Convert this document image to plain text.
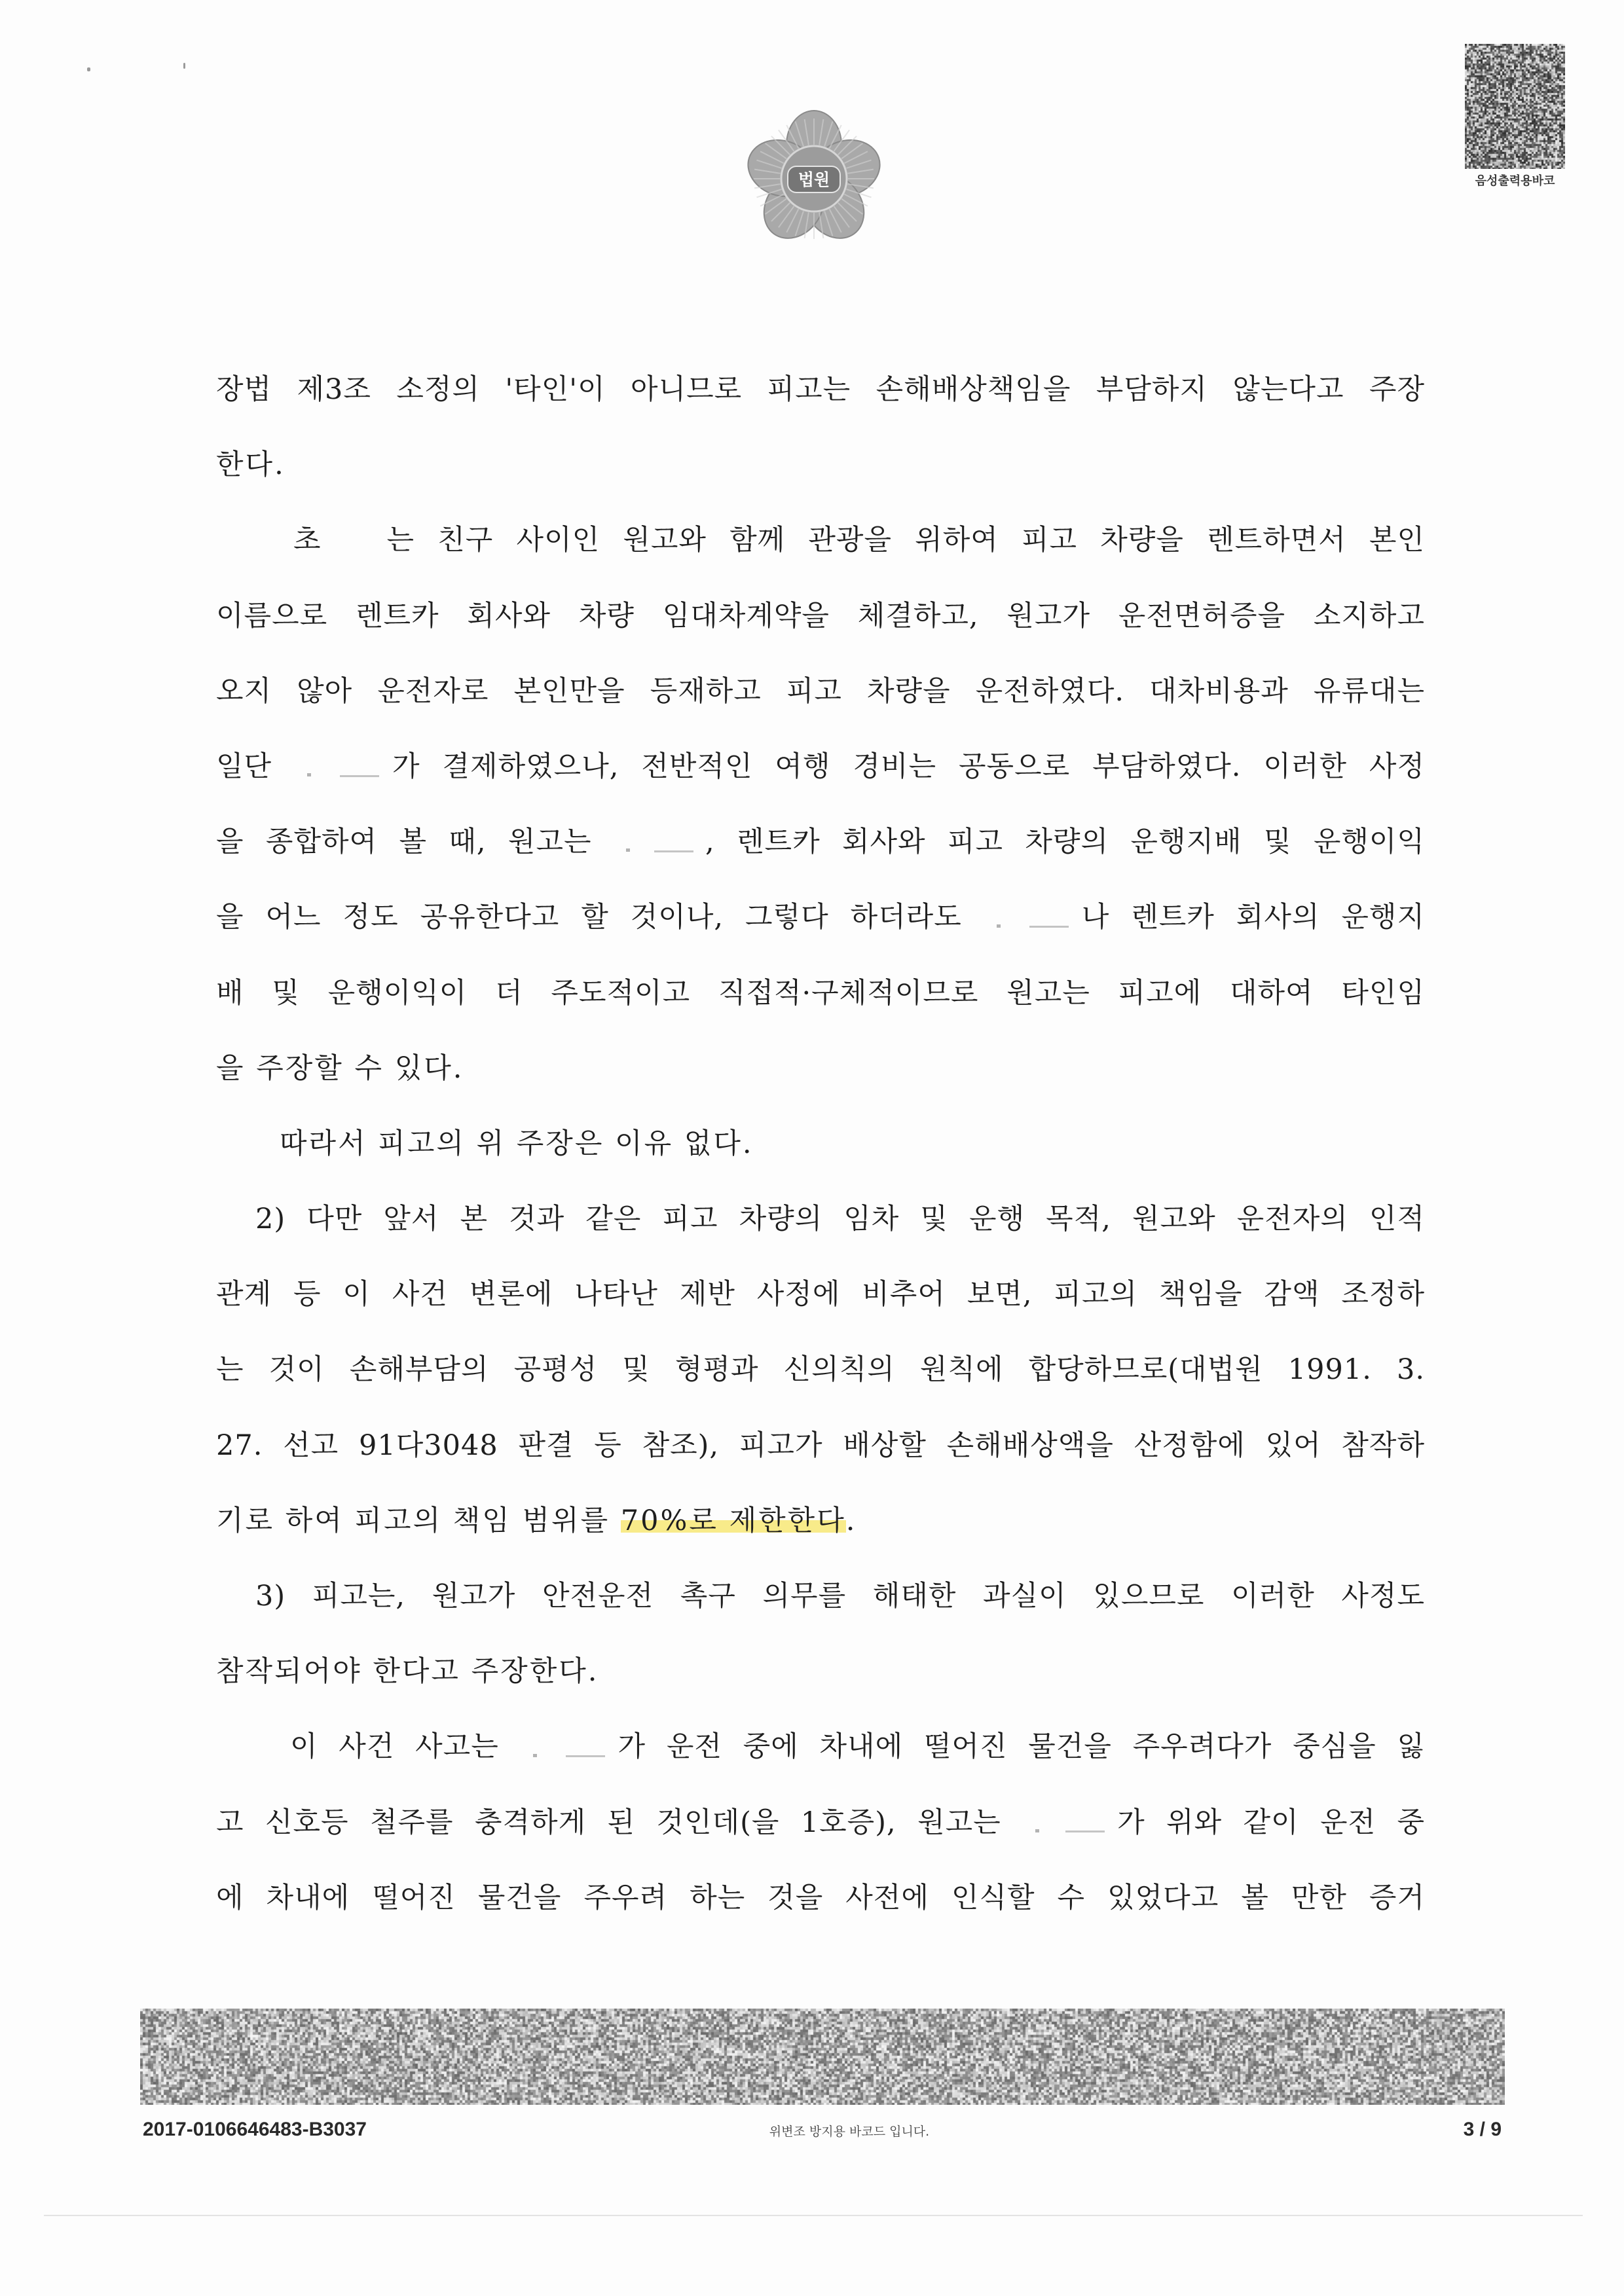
법원	음성출력용바코
장법 제3조 소정의 '타인'이 아니므로 피고는 손해배상책임을 부담하지 않는다고 주장
한다.
초 는 친구 사이인 원고와 함께 관광을 위하여 피고 차량을 렌트하면서 본인
이름으로 렌트카 회사와 차량 임대차계약을 체결하고, 원고가 운전면허증을 소지하고
오지 않아 운전자로 본인만을 등재하고 피고 차량을 운전하였다. 대차비용과 유류대는
일단	가 결제하였으나, 전반적인 여행 경비는 공동으로 부담하였다. 이러한 사정
을 종합하여 볼 때, 원고는	, 렌트카 회사와 피고 차량의 운행지배 및 운행이익
을 어느 정도 공유한다고 할 것이나, 그렇다 하더라도	나 렌트카 회사의 운행지
배 및 운행이익이 더 주도적이고 직접적·구체적이므로 원고는 피고에 대하여 타인임
을 주장할 수 있다.
따라서 피고의 위 주장은 이유 없다.
2) 다만 앞서 본 것과 같은 피고 차량의 임차 및 운행 목적, 원고와 운전자의 인적
관계 등 이 사건 변론에 나타난 제반 사정에 비추어 보면, 피고의 책임을 감액 조정하
는 것이 손해부담의 공평성 및 형평과 신의칙의 원칙에 합당하므로(대법원 1991. 3.
27. 선고 91다3048 판결 등 참조), 피고가 배상할 손해배상액을 산정함에 있어 참작하
기로 하여 피고의 책임 범위를 70%로 제한한다.
3) 피고는, 원고가 안전운전 촉구 의무를 해태한 과실이 있으므로 이러한 사정도
참작되어야 한다고 주장한다.
이 사건 사고는	가 운전 중에 차내에 떨어진 물건을 주우려다가 중심을 잃
고 신호등 철주를 충격하게 된 것인데(을 1호증), 원고는	가 위와 같이 운전 중
에 차내에 떨어진 물건을 주우려 하는 것을 사전에 인식할 수 있었다고 볼 만한 증거
2017-0106646483-B3037	위변조 방지용 바코드 입니다.	3 / 9
